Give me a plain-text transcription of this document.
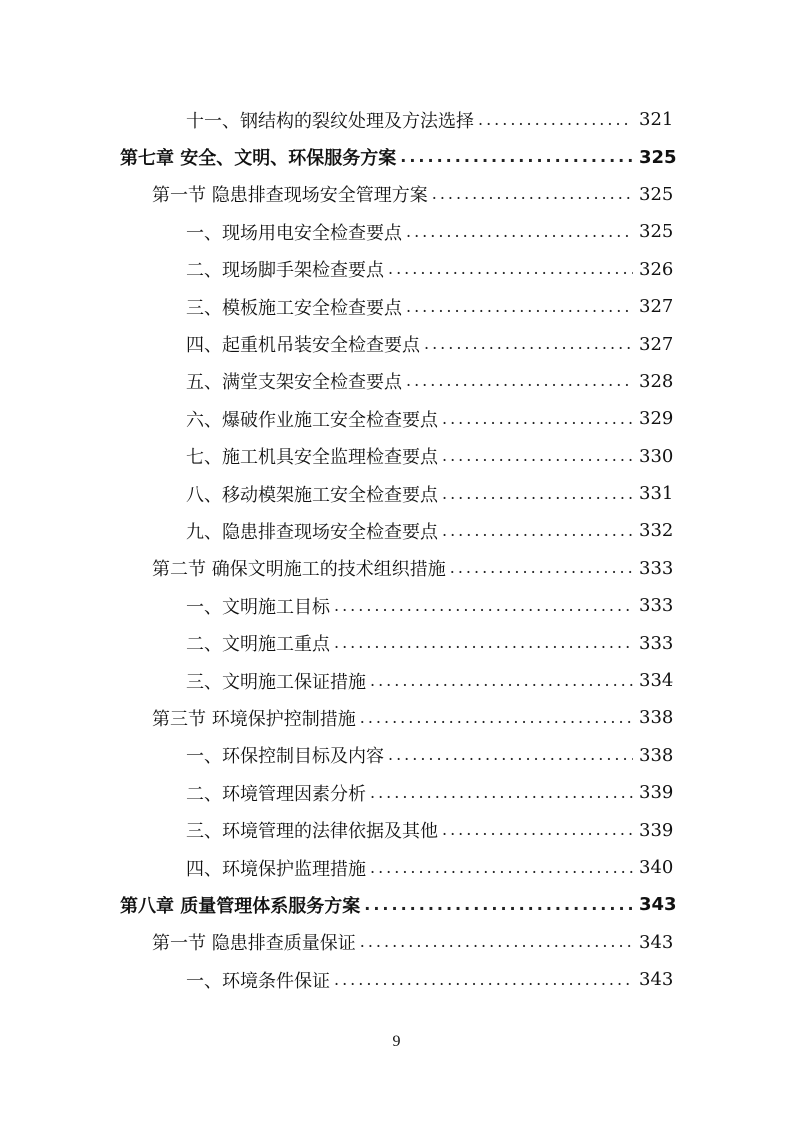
十一、钢结构的裂纹处理及方法选择 .....	321
第七章 安全、文明、环保服务方案 .....	325
第一节 隐患排查现场安全管理方案 .....	325
一、现场用电安全检查要点 .....	325
二、现场脚手架检查要点 .....	326
三、模板施工安全检查要点 .....	327
四、起重机吊装安全检查要点 .....	327
五、满堂支架安全检查要点 .....	328
六、爆破作业施工安全检查要点 .....	329
七、施工机具安全监理检查要点 .....	330
八、移动模架施工安全检查要点 .....	331
九、隐患排查现场安全检查要点 .....	332
第二节 确保文明施工的技术组织措施 .....	333
一、文明施工目标 .....	333
二、文明施工重点 .....	333
三、文明施工保证措施 .....	334
第三节 环境保护控制措施 .....	338
一、环保控制目标及内容 .....	338
二、环境管理因素分析 .....	339
三、环境管理的法律依据及其他 .....	339
四、环境保护监理措施 .....	340
第八章 质量管理体系服务方案 .....	343
第一节 隐患排查质量保证 .....	343
一、环境条件保证 .....	343
9
